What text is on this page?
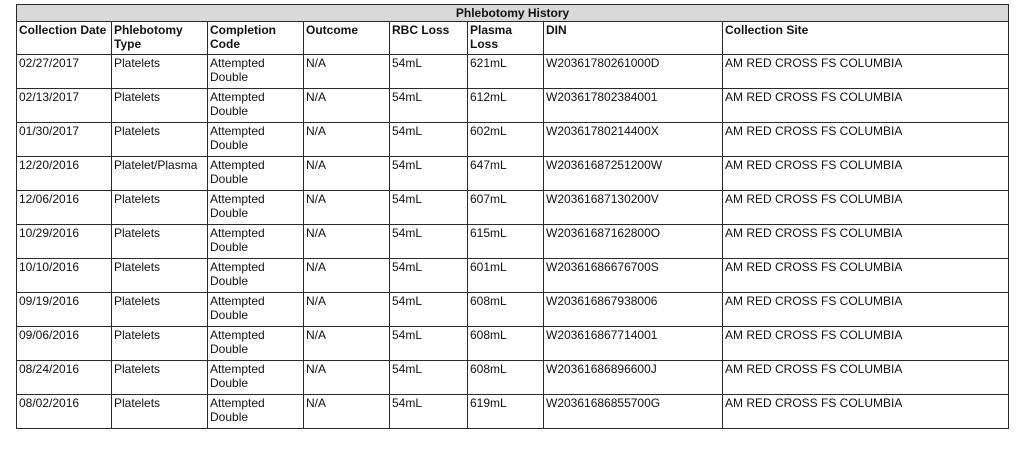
Phlebotomy History							
Collection Date	Phlebotomy Type	Completion Code	Outcome	RBC Loss	Plasma Loss	DIN	Collection Site
02/27/2017	Platelets	Attempted Double	N/A	54mL	621mL	W20361780261000D	AM RED CROSS FS COLUMBIA
02/13/2017	Platelets	Attempted Double	N/A	54mL	612mL	W203617802384001	AM RED CROSS FS COLUMBIA
01/30/2017	Platelets	Attempted Double	N/A	54mL	602mL	W20361780214400X	AM RED CROSS FS COLUMBIA
12/20/2016	Platelet/Plasma	Attempted Double	N/A	54mL	647mL	W20361687251200W	AM RED CROSS FS COLUMBIA
12/06/2016	Platelets	Attempted Double	N/A	54mL	607mL	W20361687130200V	AM RED CROSS FS COLUMBIA
10/29/2016	Platelets	Attempted Double	N/A	54mL	615mL	W20361687162800O	AM RED CROSS FS COLUMBIA
10/10/2016	Platelets	Attempted Double	N/A	54mL	601mL	W20361686676700S	AM RED CROSS FS COLUMBIA
09/19/2016	Platelets	Attempted Double	N/A	54mL	608mL	W203616867938006	AM RED CROSS FS COLUMBIA
09/06/2016	Platelets	Attempted Double	N/A	54mL	608mL	W203616867714001	AM RED CROSS FS COLUMBIA
08/24/2016	Platelets	Attempted Double	N/A	54mL	608mL	W20361686896600J	AM RED CROSS FS COLUMBIA
08/02/2016	Platelets	Attempted Double	N/A	54mL	619mL	W20361686855700G	AM RED CROSS FS COLUMBIA
